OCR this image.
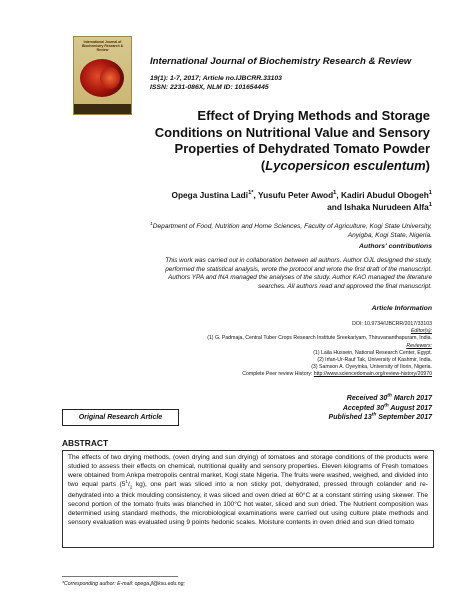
International Journal of Biochemistry Research & Review
International Journal of Biochemistry Research & Review
19(1): 1-7, 2017; Article no.IJBCRR.33103
ISSN: 2231-086X, NLM ID: 101654445
Effect of Drying Methods and Storage
Conditions on Nutritional Value and Sensory
Properties of Dehydrated Tomato Powder
(Lycopersicon esculentum)
Opega Justina Ladi$^{1*}$, Yusufu Peter Awod$^1$, Kadiri Abudul Obogeh$^1$
and Ishaka Nurudeen Alfa$^1$
$^1$Department of Food, Nutrition and Home Sciences, Faculty of Agriculture, Kogi State University,
Anyigba, Kogi State, Nigeria.
Authors' contributions
This work was carried out in collaboration between all authors. Author OJL designed the study,
performed the statistical analysis, wrote the protocol and wrote the first draft of the manuscript.
Authors YPA and INA managed the analyses of the study. Author KAO managed the literature
searches. All authors read and approved the final manuscript.
Article Information
DOI: 10.9734/IJBCRR/2017/33103
Editor(s):
(1) G. Padmaja, Central Tuber Crops Research Institute Sreekariyam, Thiruvananthapuram, India.
Reviewers:
(1) Laila Hussein, National Research Center, Egypt.
(2) Irfan-Ur-Rauf Tak, University of Kashmir, India.
(3) Samson A. Oyeyinka, University of Ilorin, Nigeria.
Complete Peer review History: http://www.sciencedomain.org/review-history/20970
Original Research Article
Received 30th March 2017
Accepted 30th August 2017
Published 13th September 2017
ABSTRACT
The effects of two drying methods, (oven drying and sun drying) of tomatoes and storage conditions of the products were studied to assess their effects on chemical, nutritional quality and sensory properties. Eleven kilograms of Fresh tomatoes were obtained from Ankpa metropolis central market, Kogi state Nigeria. The fruits were washed, weighed, and divided into two equal parts ($5^1/_2$ kg), one part was sliced into a non sticky pot, dehydrated, pressed through colander and re-dehydrated into a thick moulding consistency, it was sliced and oven dried at 60°C at a constant stirring using skewer. The second portion of the tomato fruits was blanched in 100°C hot water, sliced and sun dried. The Nutrient composition was determined using standard methods, the microbiological examinations were carried out using culture plate methods and sensory evaluation was evaluated using 9 points hedonic scales. Moisture contents in oven dried and sun dried tomato
*Corresponding author: E-mail: opega.jl@ksu.edu.ng;
